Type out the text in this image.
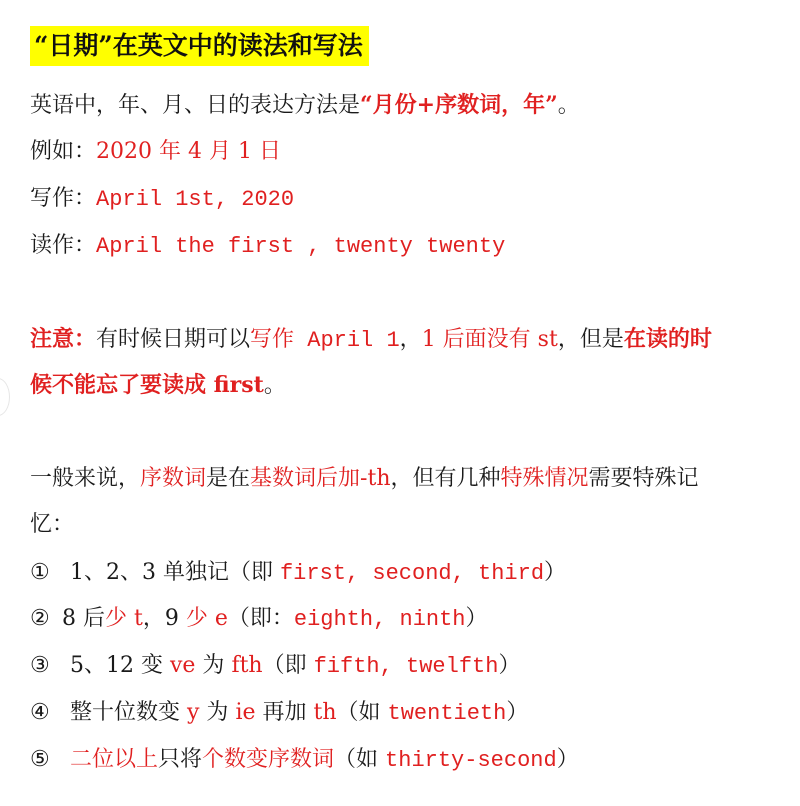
“日期”在英文中的读法和写法
英语中，年、月、日的表达方法是“月份+序数词，年”。
例如：2020 年 4 月 1 日
写作：April 1st, 2020
读作：April the first , twenty twenty
注意：有时候日期可以写作 April 1，1 后面没有 st，但是在读的时
候不能忘了要读成 first。
一般来说，序数词是在基数词后加-th，但有几种特殊情况需要特殊记
忆：
① 1、2、3 单独记（即 first, second, third）
② 8 后少 t，9 少 e（即：eighth, ninth）
③ 5、12 变 ve 为 fth（即 fifth, twelfth）
④ 整十位数变 y 为 ie 再加 th（如 twentieth）
⑤ 二位以上只将个数变序数词（如 thirty-second）
